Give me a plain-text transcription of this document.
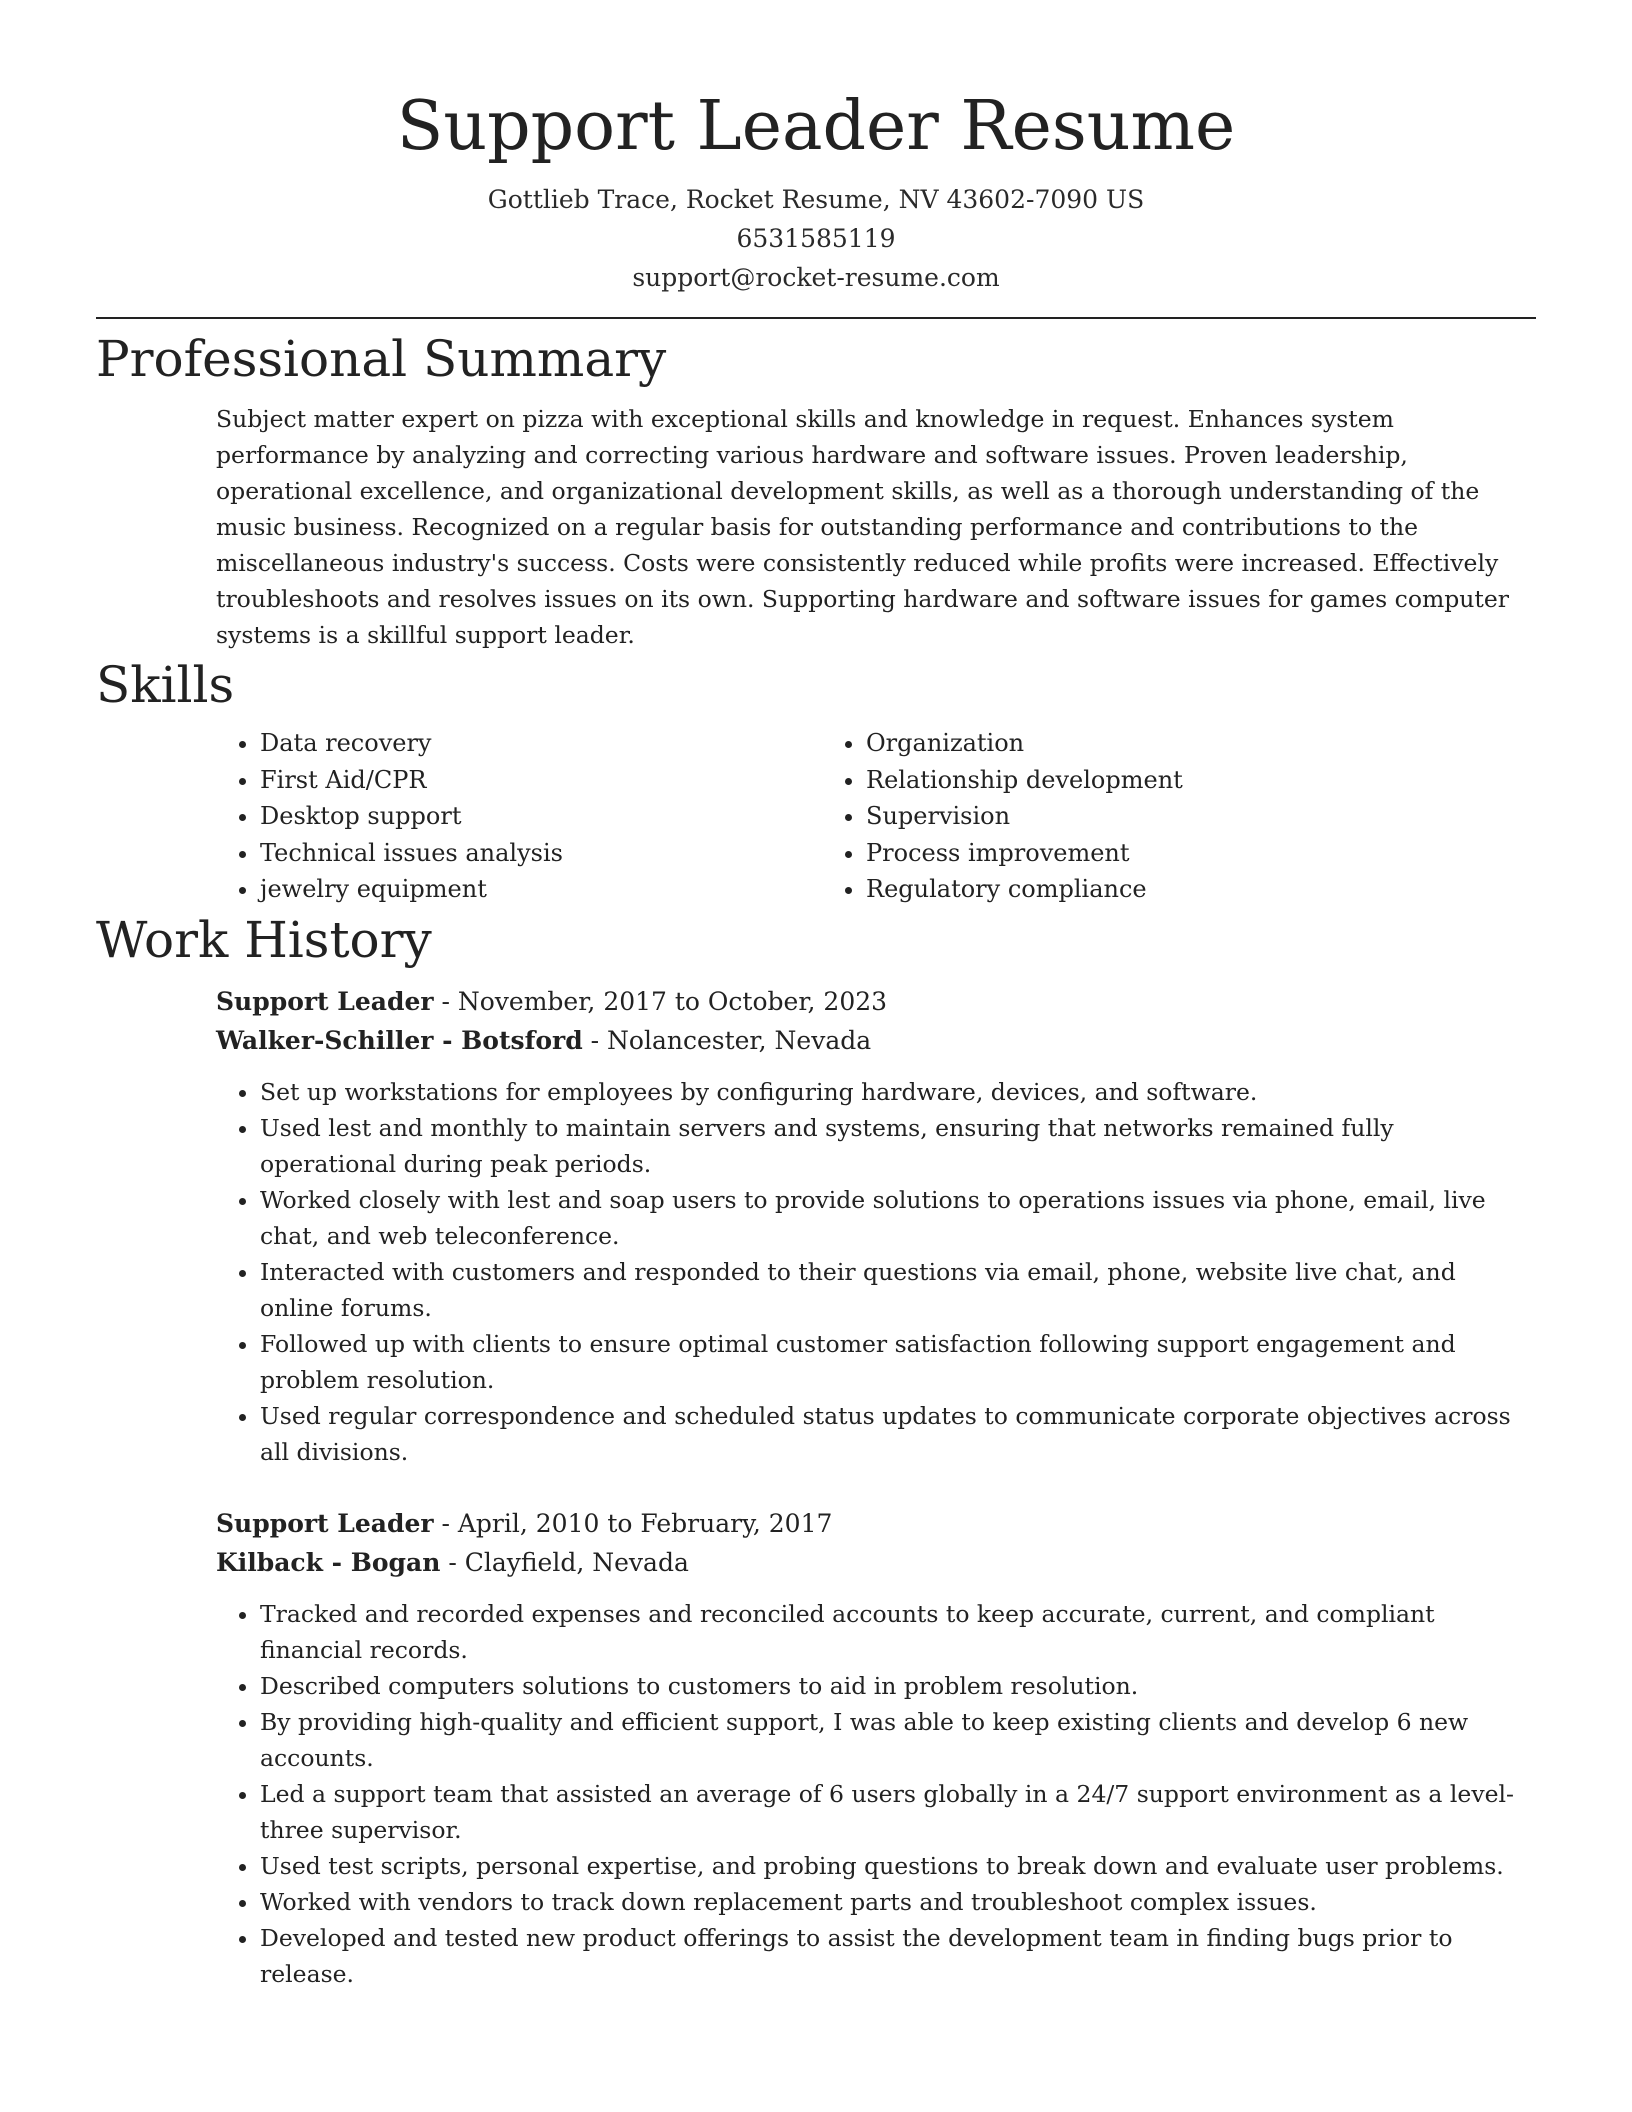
Support Leader Resume
Gottlieb Trace, Rocket Resume, NV 43602-7090 US
6531585119
support@rocket-resume.com
Professional Summary
Subject matter expert on pizza with exceptional skills and knowledge in request. Enhances system performance by analyzing and correcting various hardware and software issues. Proven leadership, operational excellence, and organizational development skills, as well as a thorough understanding of the music business. Recognized on a regular basis for outstanding performance and contributions to the miscellaneous industry's success. Costs were consistently reduced while profits were increased. Effectively troubleshoots and resolves issues on its own. Supporting hardware and software issues for games computer systems is a skillful support leader.
Skills
• Data recovery
• First Aid/CPR
• Desktop support
• Technical issues analysis
• jewelry equipment
• Organization
• Relationship development
• Supervision
• Process improvement
• Regulatory compliance
Work History
Support Leader - November, 2017 to October, 2023
Walker-Schiller - Botsford - Nolancester, Nevada
• Set up workstations for employees by configuring hardware, devices, and software.
• Used lest and monthly to maintain servers and systems, ensuring that networks remained fully operational during peak periods.
• Worked closely with lest and soap users to provide solutions to operations issues via phone, email, live chat, and web teleconference.
• Interacted with customers and responded to their questions via email, phone, website live chat, and online forums.
• Followed up with clients to ensure optimal customer satisfaction following support engagement and problem resolution.
• Used regular correspondence and scheduled status updates to communicate corporate objectives across all divisions.
Support Leader - April, 2010 to February, 2017
Kilback - Bogan - Clayfield, Nevada
• Tracked and recorded expenses and reconciled accounts to keep accurate, current, and compliant financial records.
• Described computers solutions to customers to aid in problem resolution.
• By providing high-quality and efficient support, I was able to keep existing clients and develop 6 new accounts.
• Led a support team that assisted an average of 6 users globally in a 24/7 support environment as a level-three supervisor.
• Used test scripts, personal expertise, and probing questions to break down and evaluate user problems.
• Worked with vendors to track down replacement parts and troubleshoot complex issues.
• Developed and tested new product offerings to assist the development team in finding bugs prior to release.
